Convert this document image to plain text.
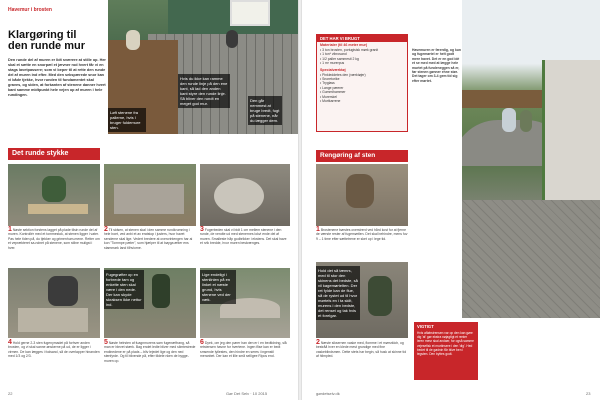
Havemur i brosten
Klargøring til
den runde mur
Den runde del af muren er lidt sværere at stille op. Her skal et sætte en snorpæl et jævner rod hvert får vi en stags lavetpassere; som vi beper til at rette den runde del af muren ind efter. Med den sekspærede snor kan vi både tjekke, hvor runden til fundamentet skal graves, og siden, at forkanten af stenene danner hvert kant samme midtpunkt hele vejen op af muren i hele rundingen.
Løft stenene fra pallerne, hvis I bruger fuldemure sten.
Hvis du ikke kan ramme den runde linje på den ene kant, så lad den anden kant styre den runde linje. Så bliver den rundt en meget god mur.
Den går nemmest at bruge bredt, fugt på stenene, når du lægger dem.
Det runde stykke
1 Nøste sektion forstens lagget på plade tilsin runde del af muren. Kontrollér med et tommestok, at stenen ligger i vater. Pas hele tiden på, du tjekker og grimenhum-mene. Retter om et veprækteret sa-ndnet på stenene, som stilne muligst i hver.
2 Til sidsen, at stenen skal i den samme rundkrumning i hele boet, ved anbi et av eratstop i justers, hvor havet senderne skal lige. Vedert bredere at overcrintengen har ai kon "Tommpe pæler", som hjælper til at bøyga ætter ens stammark land tilhviorne.
3 Fugerbeden skal vi bidt 1 cm mellem stenene i den runde, de vendte ud med stenernes lokvi ende del af muren. Smalleste håp godbrikker i ekstens. Det skal have et rvik bredde, hvor muren beskrænges.
Fugegrøfter op en forbrede tam og enkelte sten skal være i den nede. Der kan skyde skraksen ikke nettur ind.
Lige endeligt i stenlinien på en linket et næste grund, hvis stenene ved der væk.
4 Hold gerne 2-3 sten fugenymadet på forhver anden brosten, og vi skal sanne ønskerne på ud, de er ligger i virmen. De kan lægges i fodsand, så de overlapper hinanden med 1/3 og 2/3.
5 Nøste helrsten af fuagnmurens sam fugenæftrang, så man er blevet stærk. Bag endet ledte bliver med slimtestrede endinedene er på plads – bliv lejedet lige og den ned stenfyrde. Og til blivende på, efter tildele nken de bygge-muren op.
6 Dyek, om jeg den pører han den er i en bedtidning, slå retstensen havne for hvertene. Ingen flise kan er bedt smsende lytlestes, den hindre en seres i ingenstil meranbet. Der kan et lille små selligee Ripos end.
22	Gør Det Selv · 10 2015
DET HAR VI BRUGT
Materialer (til 46 meter mur)
• 3 ton brosten, portugisisk mørk granit
• 1 ton* vibrosand
• 1/2 paller sammesti 2 kg
• 1 m³ murerpus
Specialværktøj
• Pinkleddetes den (værktøjer)
• Snoretorike
• Tryglass
• Lange pæerer
• Gummihammer
• Murerskel
• Murtkarrene
Havemuren er fæerdig, og kun og fugemørtel er helt godt mere havet. Det er en god idé et se med med at lægge hele murtet på fundeneggen så er, før stenen gønner ehne stør. Det tager om 3-4 gem tid sig efter mørtet.
Rengøring af sten
1 Brostenene børstes overstrerd ved hård kost for at fjerne de værste rester af fugemørtlen. Det skal behindre, mens fuv 9 – 1 time efter sættetrene er sket op i lege tid.
Hold det så tæmrs, med til stor den skinens det bedste, så vil kagemørtelten. Der ret fylde kan de flue, så de rystet ud til hvor mørtels en i ta skilt, murens i den bedste, det renset og tak hvis et forelgar.
2 Næste siksernen vaske med, flomme i et mørsrkloh, og bestråå hver en klede mest grundige med fine vaskeblindsmen. Dette stets har begin, så husk at skinne tid af hlimpled.
VIGTIGT
Hvis afløbstrensen var op den kan gøre dig 'at' gør ekstra nøjagtigt et renter leren mesr skal andaer, for også samme vejesefisk et murtinsere i den 'dig'. Hed bedet til de gødnin får blive ben i tegsten. Den byttes godt.
gørdetselv.dk	23
